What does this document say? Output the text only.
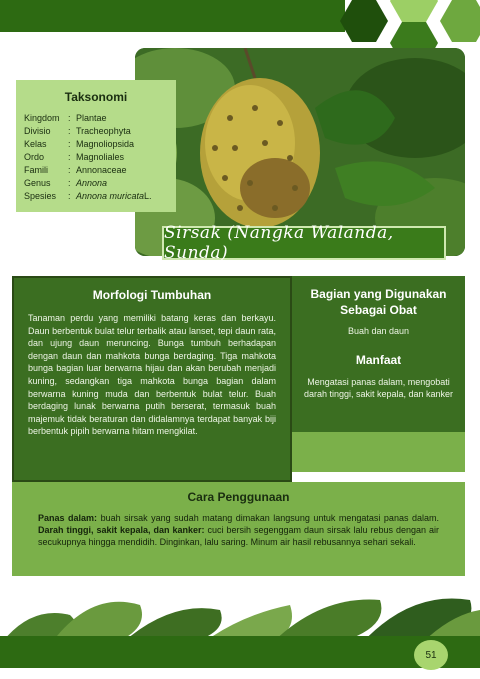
Taksonomi
Kingdom : Plantae
Divisio	: Tracheophyta
Kelas	: Magnoliopsida
Ordo	: Magnoliales
Famili	: Annonaceae
Genus	: Annona
Spesies	: Annona muricata L.
Sirsak (Nangka Walanda, Sunda)
Morfologi Tumbuhan

Tanaman perdu yang memiliki batang keras dan berkayu. Daun berbentuk bulat telur terbalik atau lanset, tepi daun rata, dan ujung daun meruncing. Bunga tumbuh berhadapan dengan daun dan mahkota bunga berdaging. Tiga mahkota bunga bagian luar berwarna hijau dan akan berubah menjadi kuning, sedangkan tiga mahkota bunga bagian dalam berwarna kuning muda dan berbentuk bulat telur. Buah berdaging lunak berwarna putih berserat, termasuk buah majemuk tidak beraturan dan didalamnya terdapat banyak biji berbentuk pipih berwarna hitam mengkilat.

Bagian yang Digunakan Sebagai Obat
Buah dan daun
Manfaat
Mengatasi panas dalam, mengobati darah tinggi, sakit kepala, dan kanker
Cara Penggunaan

Panas dalam: buah sirsak yang sudah matang dimakan langsung untuk mengatasi panas dalam. Darah tinggi, sakit kepala, dan kanker: cuci bersih segenggam daun sirsak lalu rebus dengan air secukupnya hingga mendidih. Dinginkan, lalu saring. Minum air hasil rebusannya sehari sekali.

51
